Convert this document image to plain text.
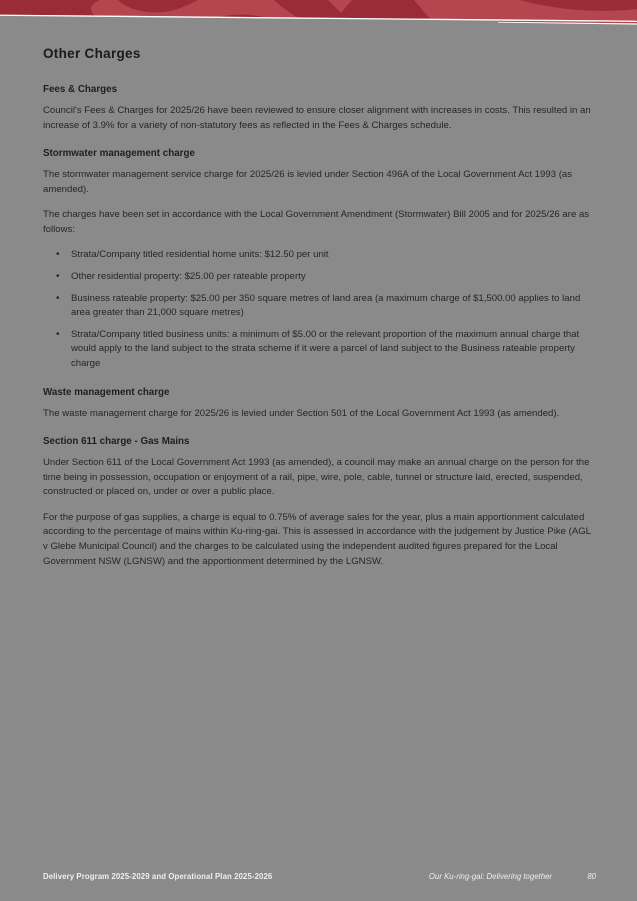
Other Charges
Fees & Charges

Council's Fees & Charges for 2025/26 have been reviewed to ensure closer alignment with increases in costs. This resulted in an increase of 3.9% for a variety of non-statutory fees as reflected in the Fees & Charges schedule.

Stormwater management charge

The stormwater management service charge for 2025/26 is levied under Section 496A of the Local Government Act 1993 (as amended).

The charges have been set in accordance with the Local Government Amendment (Stormwater) Bill 2005 and for 2025/26 are as follows:

• Strata/Company titled residential home units: $12.50 per unit
• Other residential property: $25.00 per rateable property
• Business rateable property: $25.00 per 350 square metres of land area (a maximum charge of $1,500.00 applies to land area greater than 21,000 square metres)
• Strata/Company titled business units: a minimum of $5.00 or the relevant proportion of the maximum annual charge that would apply to the land subject to the strata scheme if it were a parcel of land subject to the Business rateable property charge
Waste management charge

The waste management charge for 2025/26 is levied under Section 501 of the Local Government Act 1993 (as amended).

Section 611 charge - Gas Mains

Under Section 611 of the Local Government Act 1993 (as amended), a council may make an annual charge on the person for the time being in possession, occupation or enjoyment of a rail, pipe, wire, pole, cable, tunnel or structure laid, erected, suspended, constructed or placed on, under or over a public place.

For the purpose of gas supplies, a charge is equal to 0.75% of average sales for the year, plus a main apportionment calculated according to the percentage of mains within Ku-ring-gai. This is assessed in accordance with the judgement by Justice Pike (AGL v Glebe Municipal Council) and the charges to be calculated using the independent audited figures prepared for the Local Government NSW (LGNSW) and the apportionment determined by the LGNSW.

Delivery Program 2025-2029 and Operational Plan 2025-2026	Our Ku-ring-gai: Delivering together	80
